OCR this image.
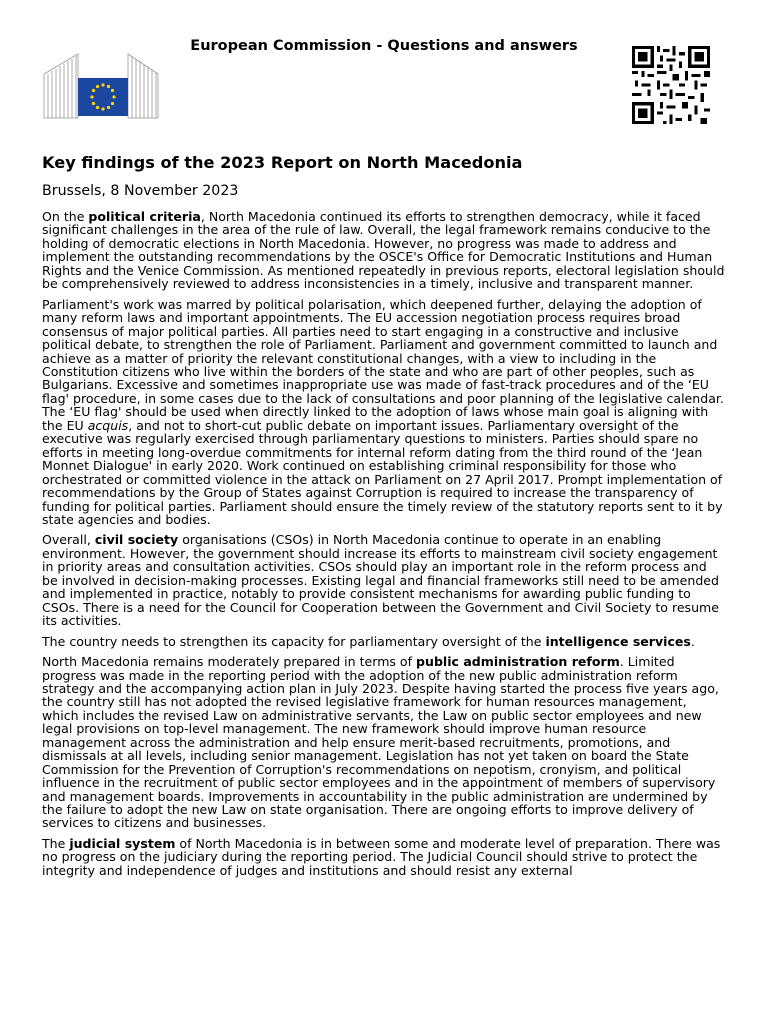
European Commission - Questions and answers
Key findings of the 2023 Report on North Macedonia
Brussels, 8 November 2023

On the political criteria, North Macedonia continued its efforts to strengthen democracy, while it faced significant challenges in the area of the rule of law. Overall, the legal framework remains conducive to the holding of democratic elections in North Macedonia. However, no progress was made to address and implement the outstanding recommendations by the OSCE's Office for Democratic Institutions and Human Rights and the Venice Commission. As mentioned repeatedly in previous reports, electoral legislation should be comprehensively reviewed to address inconsistencies in a timely, inclusive and transparent manner.

Parliament's work was marred by political polarisation, which deepened further, delaying the adoption of many reform laws and important appointments. The EU accession negotiation process requires broad consensus of major political parties. All parties need to start engaging in a constructive and inclusive political debate, to strengthen the role of Parliament. Parliament and government committed to launch and achieve as a matter of priority the relevant constitutional changes, with a view to including in the Constitution citizens who live within the borders of the state and who are part of other peoples, such as Bulgarians. Excessive and sometimes inappropriate use was made of fast-track procedures and of the ‘EU flag' procedure, in some cases due to the lack of consultations and poor planning of the legislative calendar. The ‘EU flag' should be used when directly linked to the adoption of laws whose main goal is aligning with the EU acquis, and not to short-cut public debate on important issues. Parliamentary oversight of the executive was regularly exercised through parliamentary questions to ministers. Parties should spare no efforts in meeting long-overdue commitments for internal reform dating from the third round of the ‘Jean Monnet Dialogue' in early 2020. Work continued on establishing criminal responsibility for those who orchestrated or committed violence in the attack on Parliament on 27 April 2017. Prompt implementation of recommendations by the Group of States against Corruption is required to increase the transparency of funding for political parties. Parliament should ensure the timely review of the statutory reports sent to it by state agencies and bodies.

Overall, civil society organisations (CSOs) in North Macedonia continue to operate in an enabling environment. However, the government should increase its efforts to mainstream civil society engagement in priority areas and consultation activities. CSOs should play an important role in the reform process and be involved in decision-making processes. Existing legal and financial frameworks still need to be amended and implemented in practice, notably to provide consistent mechanisms for awarding public funding to CSOs. There is a need for the Council for Cooperation between the Government and Civil Society to resume its activities.

The country needs to strengthen its capacity for parliamentary oversight of the intelligence services.

North Macedonia remains moderately prepared in terms of public administration reform. Limited progress was made in the reporting period with the adoption of the new public administration reform strategy and the accompanying action plan in July 2023. Despite having started the process five years ago, the country still has not adopted the revised legislative framework for human resources management, which includes the revised Law on administrative servants, the Law on public sector employees and new legal provisions on top-level management. The new framework should improve human resource management across the administration and help ensure merit-based recruitments, promotions, and dismissals at all levels, including senior management. Legislation has not yet taken on board the State Commission for the Prevention of Corruption's recommendations on nepotism, cronyism, and political influence in the recruitment of public sector employees and in the appointment of members of supervisory and management boards. Improvements in accountability in the public administration are undermined by the failure to adopt the new Law on state organisation. There are ongoing efforts to improve delivery of services to citizens and businesses.

The judicial system of North Macedonia is in between some and moderate level of preparation. There was no progress on the judiciary during the reporting period. The Judicial Council should strive to protect the integrity and independence of judges and institutions and should resist any external
